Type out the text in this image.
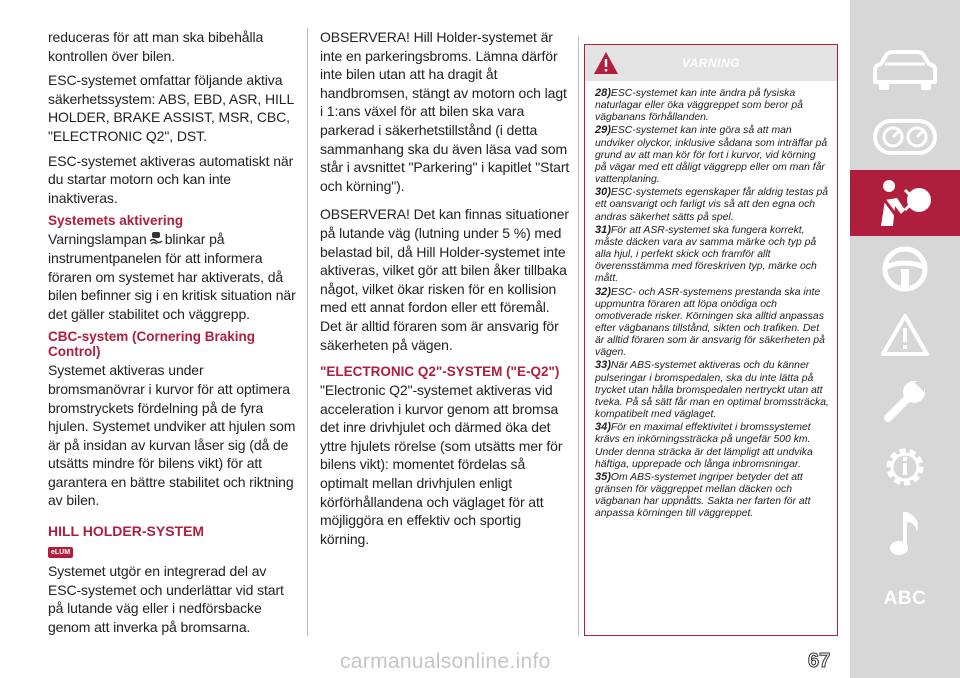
reduceras för att man ska bibehålla kontrollen över bilen.

ESC-systemet omfattar följande aktiva säkerhetssystem: ABS, EBD, ASR, HILL HOLDER, BRAKE ASSIST, MSR, CBC, "ELECTRONIC Q2", DST.

ESC-systemet aktiveras automatiskt när du startar motorn och kan inte inaktiveras.

Systemets aktivering

Varningslampan blinkar på instrumentpanelen för att informera föraren om systemet har aktiverats, då bilen befinner sig i en kritisk situation när det gäller stabilitet och väggrepp.

CBC-system (Cornering Braking Control)

Systemet aktiveras under bromsmanövrar i kurvor för att optimera bromstryckets fördelning på de fyra hjulen. Systemet undviker att hjulen som är på insidan av kurvan låser sig (då de utsätts mindre för bilens vikt) för att garantera en bättre stabilitet och riktning av bilen.

HILL HOLDER-SYSTEM
eLUM

Systemet utgör en integrerad del av ESC-systemet och underlättar vid start på lutande väg eller i nedförsbacke genom att inverka på bromsarna.

OBSERVERA! Hill Holder-systemet är inte en parkeringsbroms. Lämna därför inte bilen utan att ha dragit åt handbromsen, stängt av motorn och lagt i 1:ans växel för att bilen ska vara parkerad i säkerhetstillstånd (i detta sammanhang ska du även läsa vad som står i avsnittet "Parkering" i kapitlet "Start och körning").

OBSERVERA! Det kan finnas situationer på lutande väg (lutning under 5 %) med belastad bil, då Hill Holder-systemet inte aktiveras, vilket gör att bilen åker tillbaka något, vilket ökar risken för en kollision med ett annat fordon eller ett föremål. Det är alltid föraren som är ansvarig för säkerheten på vägen.

"ELECTRONIC Q2"-SYSTEM ("E-Q2")

"Electronic Q2"-systemet aktiveras vid acceleration i kurvor genom att bromsa det inre drivhjulet och därmed öka det yttre hjulets rörelse (som utsätts mer för bilens vikt): momentet fördelas så optimalt mellan drivhjulen enligt körförhållandena och väglaget för att möjliggöra en effektiv och sportig körning.

VARNING

28)ESC-systemet kan inte ändra på fysiska naturlagar eller öka väggreppet som beror på vägbanans förhållanden.

29)ESC-systemet kan inte göra så att man undviker olyckor, inklusive sådana som inträffar på grund av att man kör för fort i kurvor, vid körning på vägar med ett dåligt väggrepp eller om man får vattenplaning.

30)ESC-systemets egenskaper får aldrig testas på ett oansvarigt och farligt vis så att den egna och andras säkerhet sätts på spel.

31)För att ASR-systemet ska fungera korrekt, måste däcken vara av samma märke och typ på alla hjul, i perfekt skick och framför allt överensstämma med föreskriven typ, märke och mått.

32)ESC- och ASR-systemens prestanda ska inte uppmuntra föraren att löpa onödiga och omotiverade risker. Körningen ska alltid anpassas efter vägbanans tillstånd, sikten och trafiken. Det är alltid föraren som är ansvarig för säkerheten på vägen.

33)När ABS-systemet aktiveras och du känner pulseringar i bromspedalen, ska du inte lätta på trycket utan hålla bromspedalen nertryckt utan att tveka. På så sätt får man en optimal bromssträcka, kompatibelt med väglaget.

34)För en maximal effektivitet i bromssystemet krävs en inkörningssträcka på ungefär 500 km. Under denna sträcka är det lämpligt att undvika häftiga, upprepade och långa inbromsningar.

35)Om ABS-systemet ingriper betyder det att gränsen för väggreppet mellan däcken och vägbanan har uppnåtts. Sakta ner farten för att anpassa körningen till väggreppet.

ABC
carmanualsonline.info	67
